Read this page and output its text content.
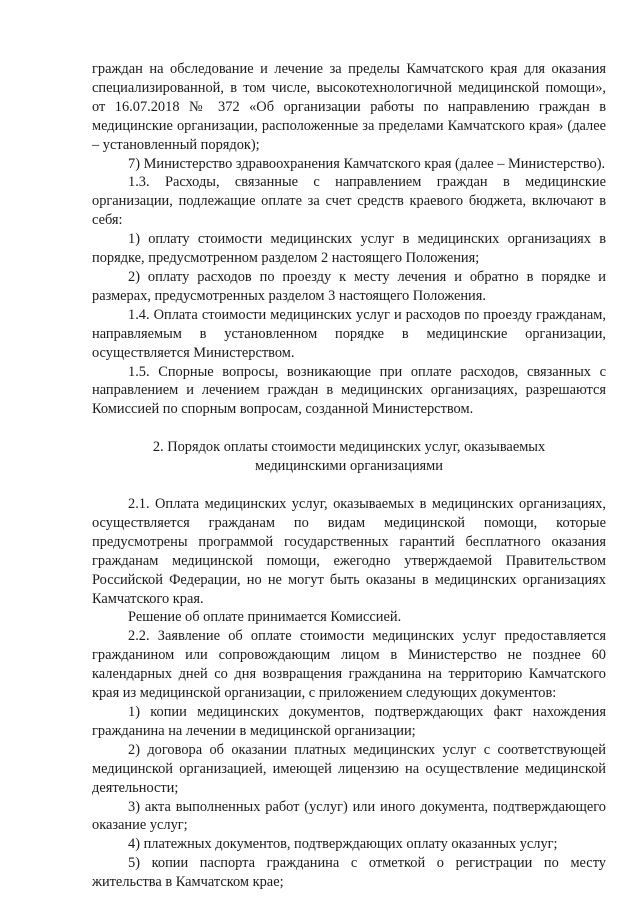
граждан на обследование и лечение за пределы Камчатского края для оказания специализированной, в том числе, высокотехнологичной медицинской помощи», от 16.07.2018 № 372 «Об организации работы по направлению граждан в медицинские организации, расположенные за пределами Камчатского края» (далее – установленный порядок);

7) Министерство здравоохранения Камчатского края (далее – Министерство).

1.3. Расходы, связанные с направлением граждан в медицинские организации, подлежащие оплате за счет средств краевого бюджета, включают в себя:

1) оплату стоимости медицинских услуг в медицинских организациях в порядке, предусмотренном разделом 2 настоящего Положения;

2) оплату расходов по проезду к месту лечения и обратно в порядке и размерах, предусмотренных разделом 3 настоящего Положения.

1.4. Оплата стоимости медицинских услуг и расходов по проезду гражданам, направляемым в установленном порядке в медицинские организации, осуществляется Министерством.

1.5. Спорные вопросы, возникающие при оплате расходов, связанных с направлением и лечением граждан в медицинских организациях, разрешаются Комиссией по спорным вопросам, созданной Министерством.

2. Порядок оплаты стоимости медицинских услуг, оказываемых
медицинскими организациями

2.1. Оплата медицинских услуг, оказываемых в медицинских организациях, осуществляется гражданам по видам медицинской помощи, которые предусмотрены программой государственных гарантий бесплатного оказания гражданам медицинской помощи, ежегодно утверждаемой Правительством Российской Федерации, но не могут быть оказаны в медицинских организациях Камчатского края.

Решение об оплате принимается Комиссией.

2.2. Заявление об оплате стоимости медицинских услуг предоставляется гражданином или сопровождающим лицом в Министерство не позднее 60 календарных дней со дня возвращения гражданина на территорию Камчатского края из медицинской организации, с приложением следующих документов:

1) копии медицинских документов, подтверждающих факт нахождения гражданина на лечении в медицинской организации;

2) договора об оказании платных медицинских услуг с соответствующей медицинской организацией, имеющей лицензию на осуществление медицинской деятельности;

3) акта выполненных работ (услуг) или иного документа, подтверждающего оказание услуг;

4) платежных документов, подтверждающих оплату оказанных услуг;

5) копии паспорта гражданина с отметкой о регистрации по месту жительства в Камчатском крае;
